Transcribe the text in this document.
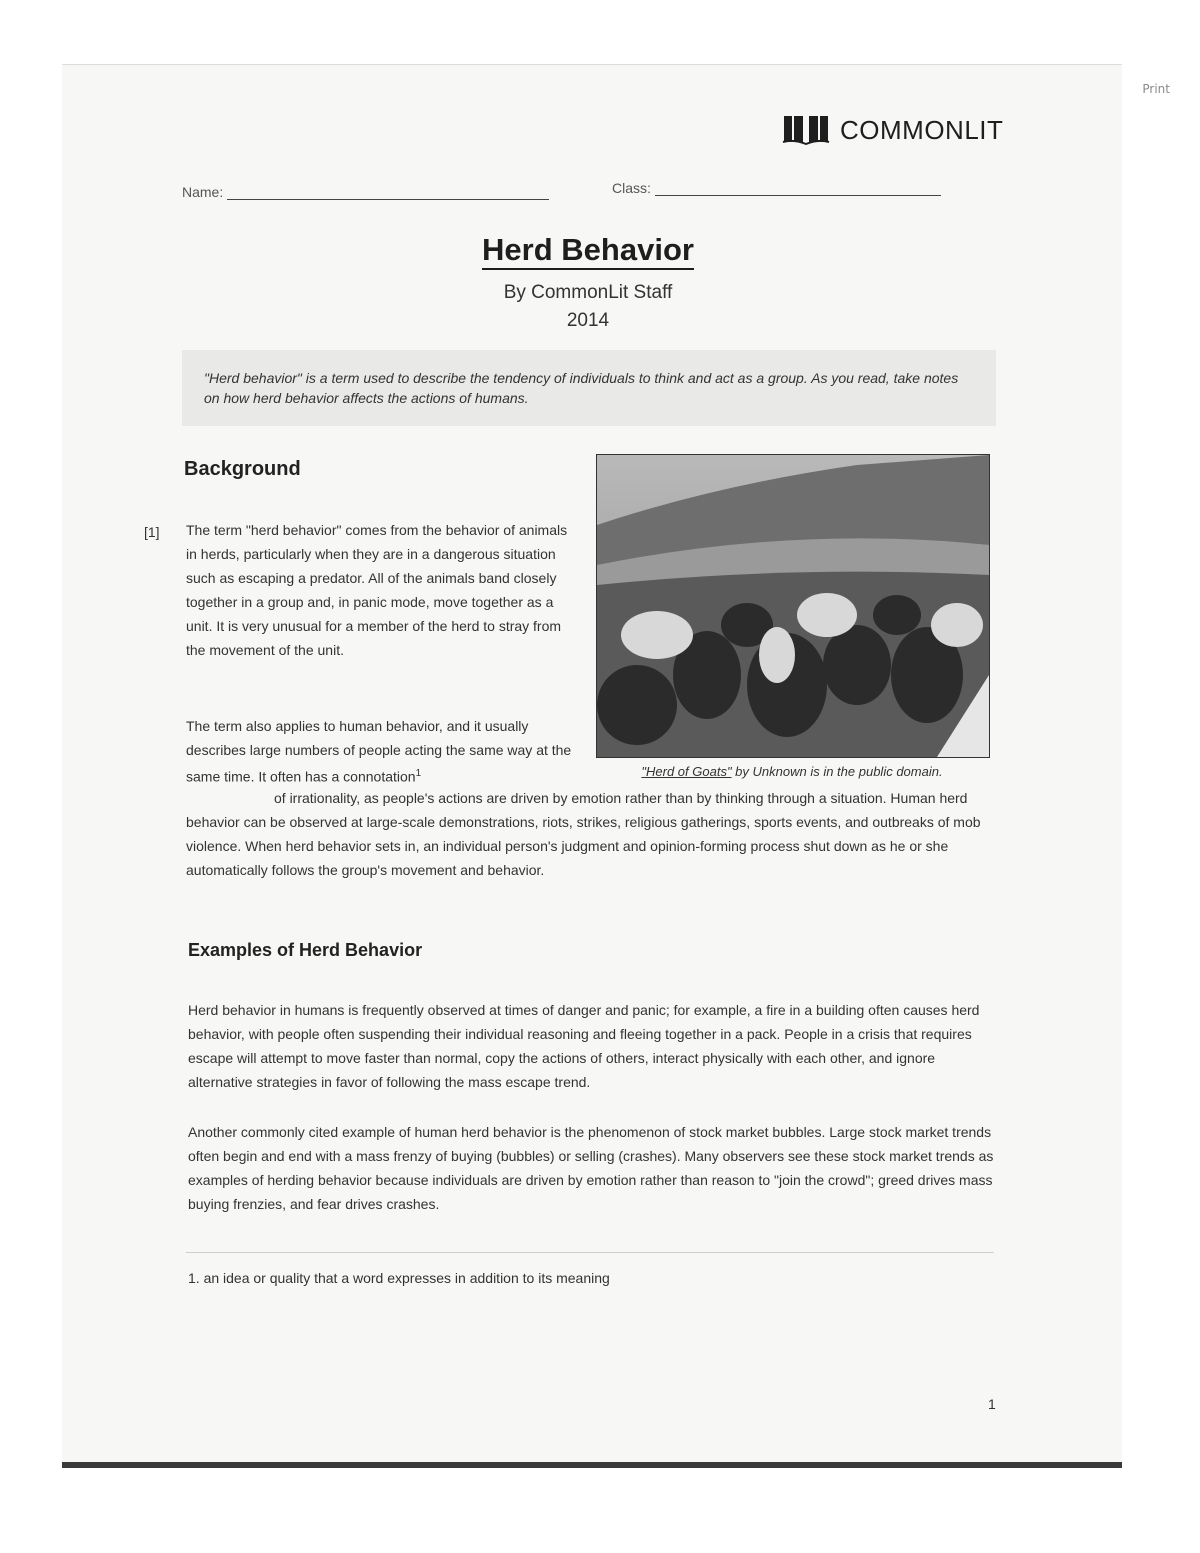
Print
COMMONLIT
Name:	Class:
Herd Behavior
By CommonLit Staff
2014

"Herd behavior" is a term used to describe the tendency of individuals to think and act as a group. As you read, take notes on how herd behavior affects the actions of humans.

Background
[1] The term "herd behavior" comes from the behavior of animals in herds, particularly when they are in a dangerous situation such as escaping a predator. All of the animals band closely together in a group and, in panic mode, move together as a unit. It is very unusual for a member of the herd to stray from the movement of the unit.

The term also applies to human behavior, and it usually describes large numbers of people acting the same way at the same time. It often has a connotation$^1$

of irrationality, as people's actions are driven by emotion rather than by thinking through a situation. Human herd behavior can be observed at large-scale demonstrations, riots, strikes, religious gatherings, sports events, and outbreaks of mob violence. When herd behavior sets in, an individual person's judgment and opinion-forming process shut down as he or she automatically follows the group's movement and behavior.

"Herd of Goats" by Unknown is in the public domain.
Examples of Herd Behavior

Herd behavior in humans is frequently observed at times of danger and panic; for example, a fire in a building often causes herd behavior, with people often suspending their individual reasoning and fleeing together in a pack. People in a crisis that requires escape will attempt to move faster than normal, copy the actions of others, interact physically with each other, and ignore alternative strategies in favor of following the mass escape trend.

Another commonly cited example of human herd behavior is the phenomenon of stock market bubbles. Large stock market trends often begin and end with a mass frenzy of buying (bubbles) or selling (crashes). Many observers see these stock market trends as examples of herding behavior because individuals are driven by emotion rather than reason to "join the crowd"; greed drives mass buying frenzies, and fear drives crashes.

1. an idea or quality that a word expresses in addition to its meaning
1
